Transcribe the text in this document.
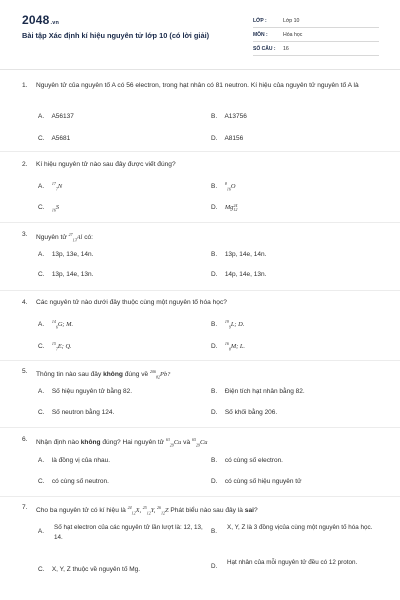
2048.vn
Bài tập Xác định kí hiệu nguyên tử lớp 10 (có lời giải)
LỚP :	Lớp 10
MÔN :	Hóa học
SỐ CÂU :	16
1. Nguyên tử của nguyên tố A có 56 electron, trong hạt nhân có 81 neutron. Kí hiệu của nguyên tử nguyên tố A là
A. A56137	B. A13756
C. A5681	D. A8156
2. Kí hiệu nguyên tử nào sau đây được viết đúng?
A. $^{17}_7$N	B. $^8_{16}$O
C. $_{16}$S	D. Mg 24
12
3. Nguyên tử $^{27}_{13}$Al có:
A. 13p, 13e, 14n.	B. 13p, 14e, 14n.
C. 13p, 14e, 13n.	D. 14p, 14e, 13n.
4. Các nguyên tử nào dưới đây thuộc cùng một nguyên tố hóa học?
A. $^{14}_6$G; M.	B. $^{19}_9$L; D.
C. $^{15}_7$E; Q.	D. $^{16}_8$M; L.
5. Thông tin nào sau đây không đúng về $^{206}_{82}$Pb?
A. Số hiệu nguyên tử bằng 82.	B. Điện tích hạt nhân bằng 82.
C. Số neutron bằng 124.	D. Số khối bằng 206.
6. Nhận định nào không đúng? Hai nguyên tử $^{63}_{29}$Cu và $^{65}_{29}$Cu
A. là đồng vị của nhau.	B. có cùng số electron.
C. có cùng số neutron.	D. có cùng số hiệu nguyên tử
7. Cho ba nguyên tử có kí hiệu là $^{24}_{12}$X, $^{25}_{12}$Y, $^{26}_{12}$Z Phát biểu nào sau đây là sai?
A.
Số hạt electron của các nguyên tử lần lượt là: 12, 13, 14.
B.
X, Y, Z là 3 đồng vịcủa cùng một nguyên tố hóa học.
C. X, Y, Z thuộc về nguyên tố Mg.	D.
Hạt nhân của mỗi nguyên tử đều có 12 proton.
